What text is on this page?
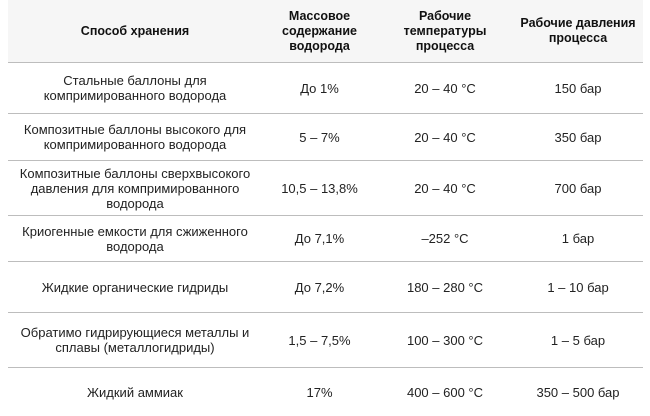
Способ хранения	Массовое содержание водорода	Рабочие температуры процесса	Рабочие давления процесса
Стальные баллоны для компримированного водорода	До 1%	20 – 40 °C	150 бар
Композитные баллоны высокого для компримированного водорода	5 – 7%	20 – 40 °C	350 бар
Композитные баллоны сверхвысокого давления для компримированного водорода	10,5 – 13,8%	20 – 40 °C	700 бар
Криогенные емкости для сжиженного водорода	До 7,1%	–252 °C	1 бар
Жидкие органические гидриды	До 7,2%	180 – 280 °C	1 – 10 бар
Обратимо гидрирующиеся металлы и сплавы (металлогидриды)	1,5 – 7,5%	100 – 300 °C	1 – 5 бар
Жидкий аммиак	17%	400 – 600 °C	350 – 500 бар
